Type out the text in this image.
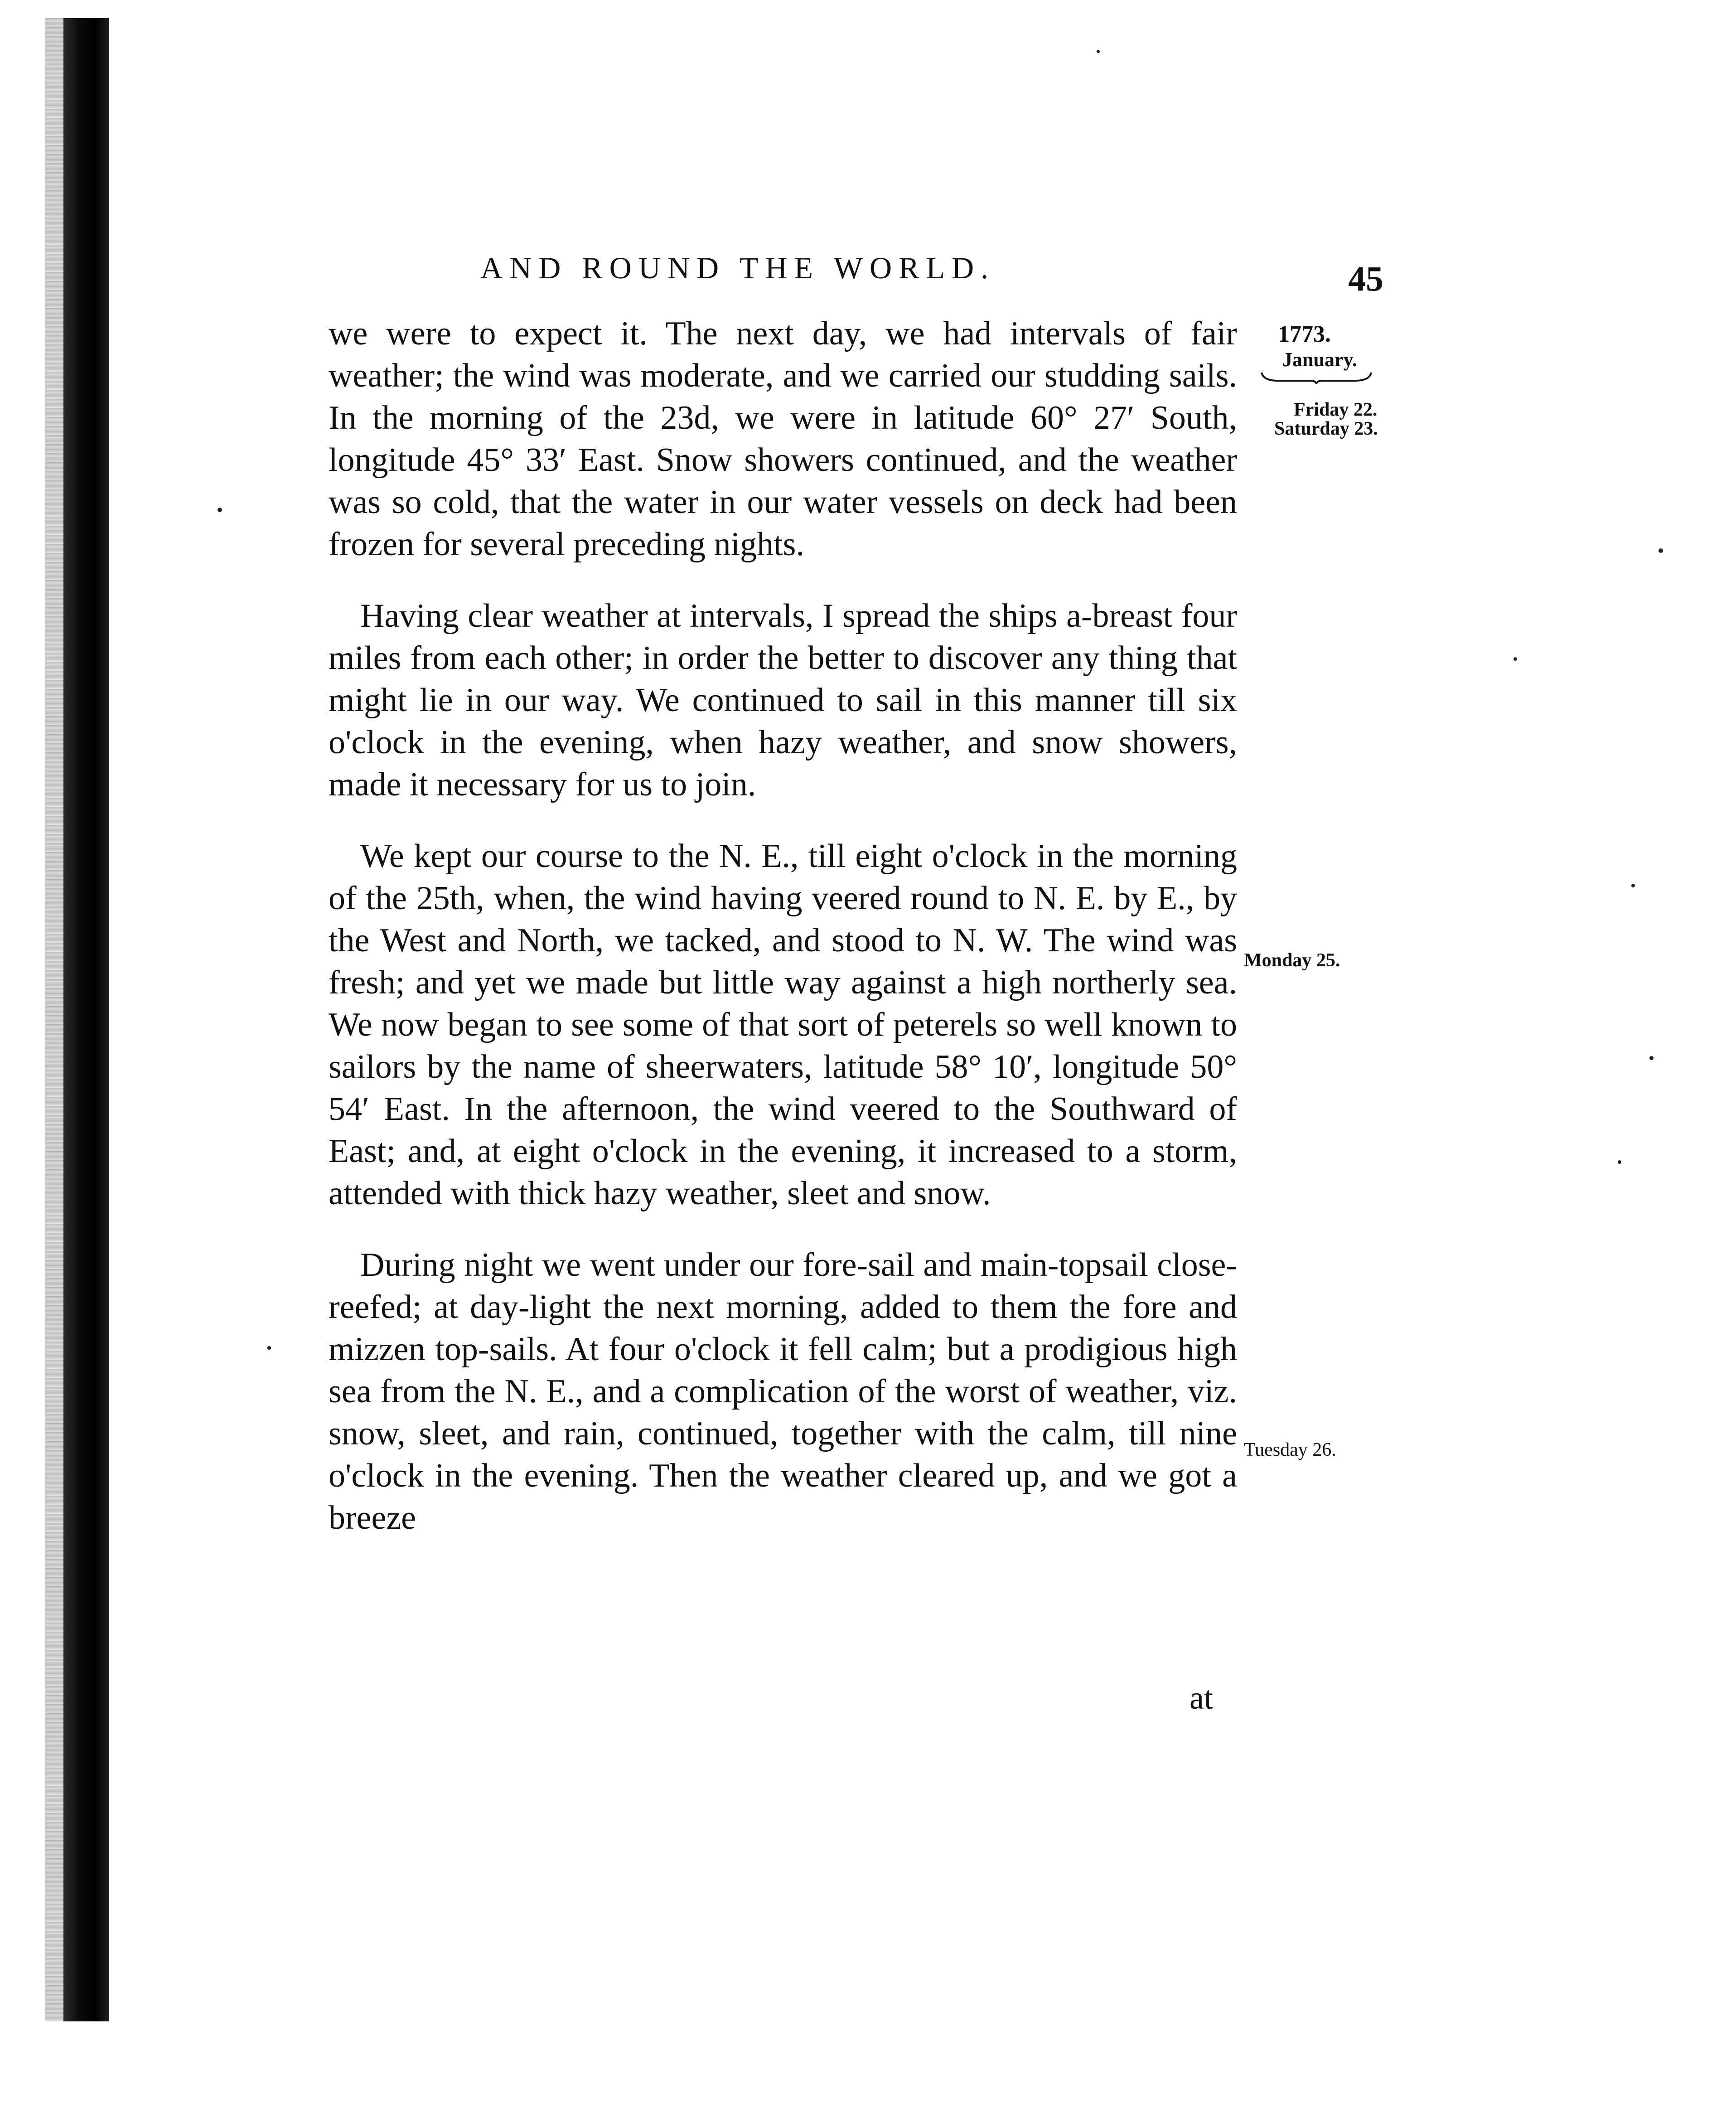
AND ROUND THE WORLD.	45
1773.
January.
Friday 22.
Saturday 23.
Monday 25.
Tuesday 26.

we were to expect it. The next day, we had intervals of fair weather; the wind was moderate, and we carried our studding sails. In the morning of the 23d, we were in latitude 60° 27′ South, longitude 45° 33′ East. Snow showers continued, and the weather was so cold, that the water in our water vessels on deck had been frozen for several preceding nights.

Having clear weather at intervals, I spread the ships a-breast four miles from each other; in order the better to discover any thing that might lie in our way. We continued to sail in this manner till six o'clock in the evening, when hazy weather, and snow showers, made it necessary for us to join.

We kept our course to the N. E., till eight o'clock in the morning of the 25th, when, the wind having veered round to N. E. by E., by the West and North, we tacked, and stood to N. W. The wind was fresh; and yet we made but little way against a high northerly sea. We now began to see some of that sort of peterels so well known to sailors by the name of sheerwaters, latitude 58° 10′, longitude 50° 54′ East. In the afternoon, the wind veered to the Southward of East; and, at eight o'clock in the evening, it increased to a storm, attended with thick hazy weather, sleet and snow.

During night we went under our fore-sail and main-topsail close-reefed; at day-light the next morning, added to them the fore and mizzen top-sails. At four o'clock it fell calm; but a prodigious high sea from the N. E., and a complication of the worst of weather, viz. snow, sleet, and rain, continued, together with the calm, till nine o'clock in the evening. Then the weather cleared up, and we got a breeze

at
